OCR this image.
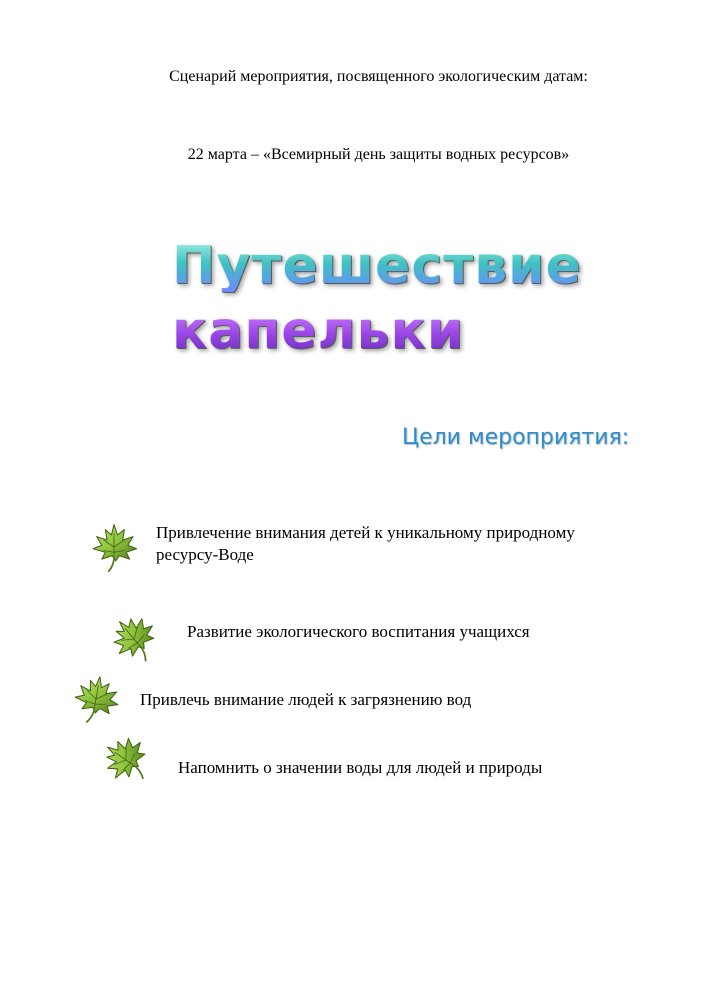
Сценарий мероприятия, посвященного экологическим датам:
22 марта – «Всемирный день защиты водных ресурсов»
Путешествие
капельки
Цели мероприятия:
Привлечение внимания детей к уникальному природному
ресурсу-Воде
Развитие экологического воспитания учащихся
Привлечь внимание людей к загрязнению вод
Напомнить о значении воды для людей и природы
